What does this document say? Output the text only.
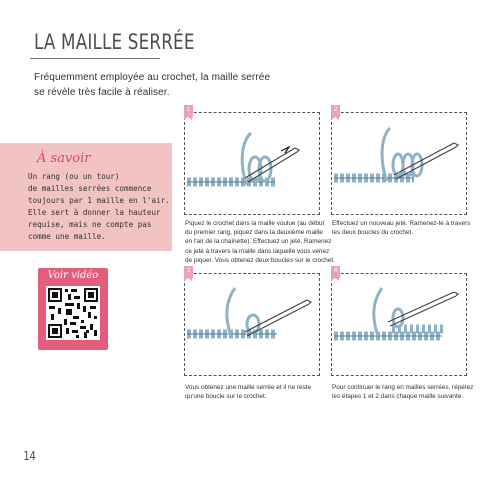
LA MAILLE SERRÉE
Fréquemment employée au crochet, la maille serrée
se révèle très facile à réaliser.
À savoir
Un rang (ou un tour)
de mailles serrées commence
toujours par 1 maille en l'air.
Elle sert à donner la hauteur
requise, mais ne compte pas
comme une maille.
Voir vidéo
1
Piquez le crochet dans la maille voulue (au début
du premier rang, piquez dans la deuxième maille
en l'air de la chaînette). Effectuez un jeté. Ramenez
ce jeté à travers la maille dans laquelle vous venez
de piquer. Vous obtenez deux boucles sur le crochet.
2
Effectuez un nouveau jeté. Ramenez-le à travers
les deux boucles du crochet.
3
Vous obtenez une maille serrée et il ne reste
qu'une boucle sur le crochet.
4
Pour continuer le rang en mailles serrées, répétez
les étapes 1 et 2 dans chaque maille suivante.
14
